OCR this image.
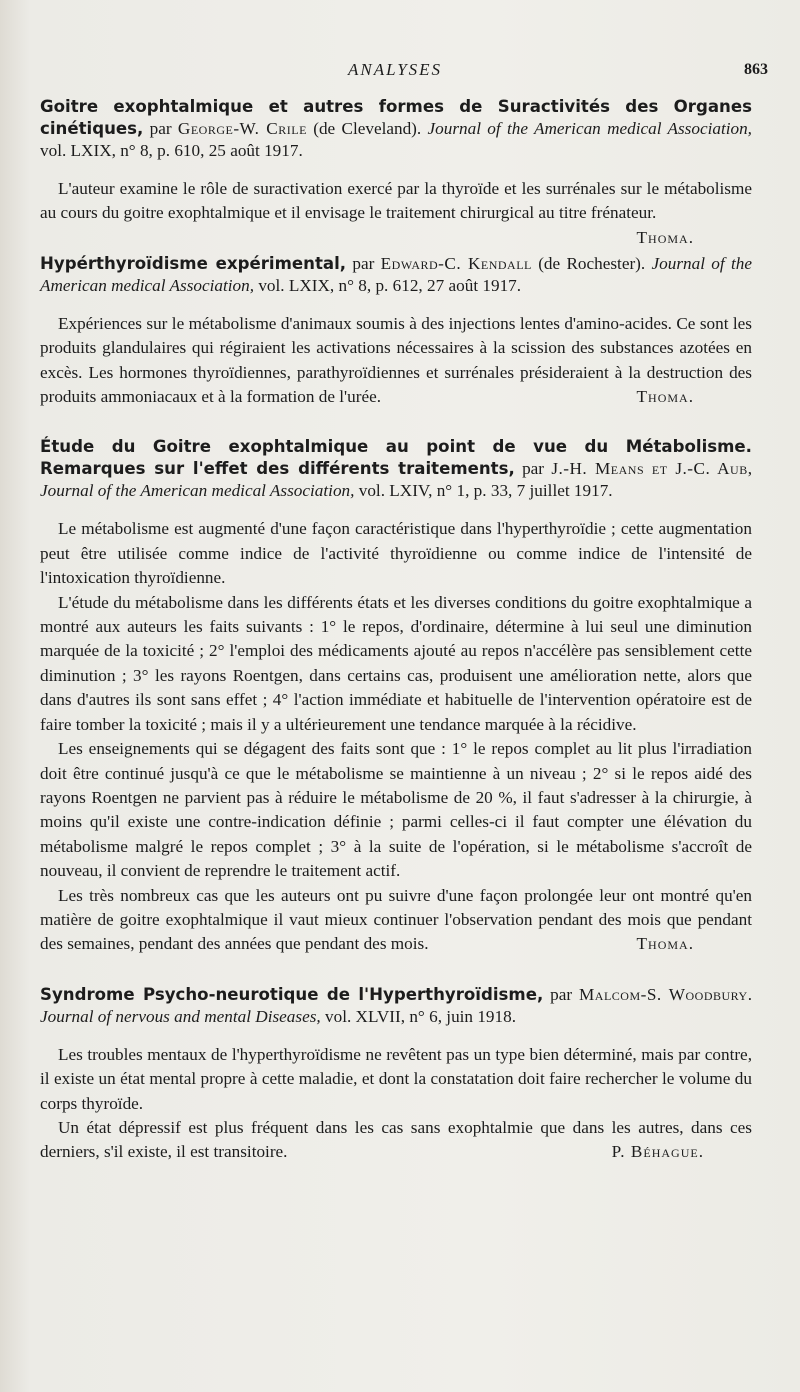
ANALYSES	863
Goitre exophtalmique et autres formes de Suractivités des Organes cinétiques, par George-W. Crile (de Cleveland). Journal of the American medical Association, vol. LXIX, n° 8, p. 610, 25 août 1917.

L'auteur examine le rôle de suractivation exercé par la thyroïde et les surrénales sur le métabolisme au cours du goitre exophtalmique et il envisage le traitement chirurgical au titre frénateur.
Thoma.

Hypérthyroïdisme expérimental, par Edward-C. Kendall (de Rochester). Journal of the American medical Association, vol. LXIX, n° 8, p. 612, 27 août 1917.

Expériences sur le métabolisme d'animaux soumis à des injections lentes d'amino-acides. Ce sont les produits glandulaires qui régiraient les activations nécessaires à la scission des substances azotées en excès. Les hormones thyroïdiennes, parathyroïdiennes et surrénales présideraient à la destruction des produits ammoniacaux et à la formation de l'urée.	Thoma.

Étude du Goitre exophtalmique au point de vue du Métabolisme. Remarques sur l'effet des différents traitements, par J.-H. Means et J.-C. Aub, Journal of the American medical Association, vol. LXIV, n° 1, p. 33, 7 juillet 1917.

Le métabolisme est augmenté d'une façon caractéristique dans l'hyperthyroïdie ; cette augmentation peut être utilisée comme indice de l'activité thyroïdienne ou comme indice de l'intensité de l'intoxication thyroïdienne.

L'étude du métabolisme dans les différents états et les diverses conditions du goitre exophtalmique a montré aux auteurs les faits suivants : 1° le repos, d'ordinaire, détermine à lui seul une diminution marquée de la toxicité ; 2° l'emploi des médicaments ajouté au repos n'accélère pas sensiblement cette diminution ; 3° les rayons Roentgen, dans certains cas, produisent une amélioration nette, alors que dans d'autres ils sont sans effet ; 4° l'action immédiate et habituelle de l'intervention opératoire est de faire tomber la toxicité ; mais il y a ultérieurement une tendance marquée à la récidive.

Les enseignements qui se dégagent des faits sont que : 1° le repos complet au lit plus l'irradiation doit être continué jusqu'à ce que le métabolisme se maintienne à un niveau ; 2° si le repos aidé des rayons Roentgen ne parvient pas à réduire le métabolisme de 20 %, il faut s'adresser à la chirurgie, à moins qu'il existe une contre-indication définie ; parmi celles-ci il faut compter une élévation du métabolisme malgré le repos complet ; 3° à la suite de l'opération, si le métabolisme s'accroît de nouveau, il convient de reprendre le traitement actif.

Les très nombreux cas que les auteurs ont pu suivre d'une façon prolongée leur ont montré qu'en matière de goitre exophtalmique il vaut mieux continuer l'observation pendant des mois que pendant des semaines, pendant des années que pendant des mois.	Thoma.

Syndrome Psycho-neurotique de l'Hyperthyroïdisme, par Malcom-S. Woodbury. Journal of nervous and mental Diseases, vol. XLVII, n° 6, juin 1918.

Les troubles mentaux de l'hyperthyroïdisme ne revêtent pas un type bien déterminé, mais par contre, il existe un état mental propre à cette maladie, et dont la constatation doit faire rechercher le volume du corps thyroïde.

Un état dépressif est plus fréquent dans les cas sans exophtalmie que dans les autres, dans ces derniers, s'il existe, il est transitoire.	P. Béhague.
